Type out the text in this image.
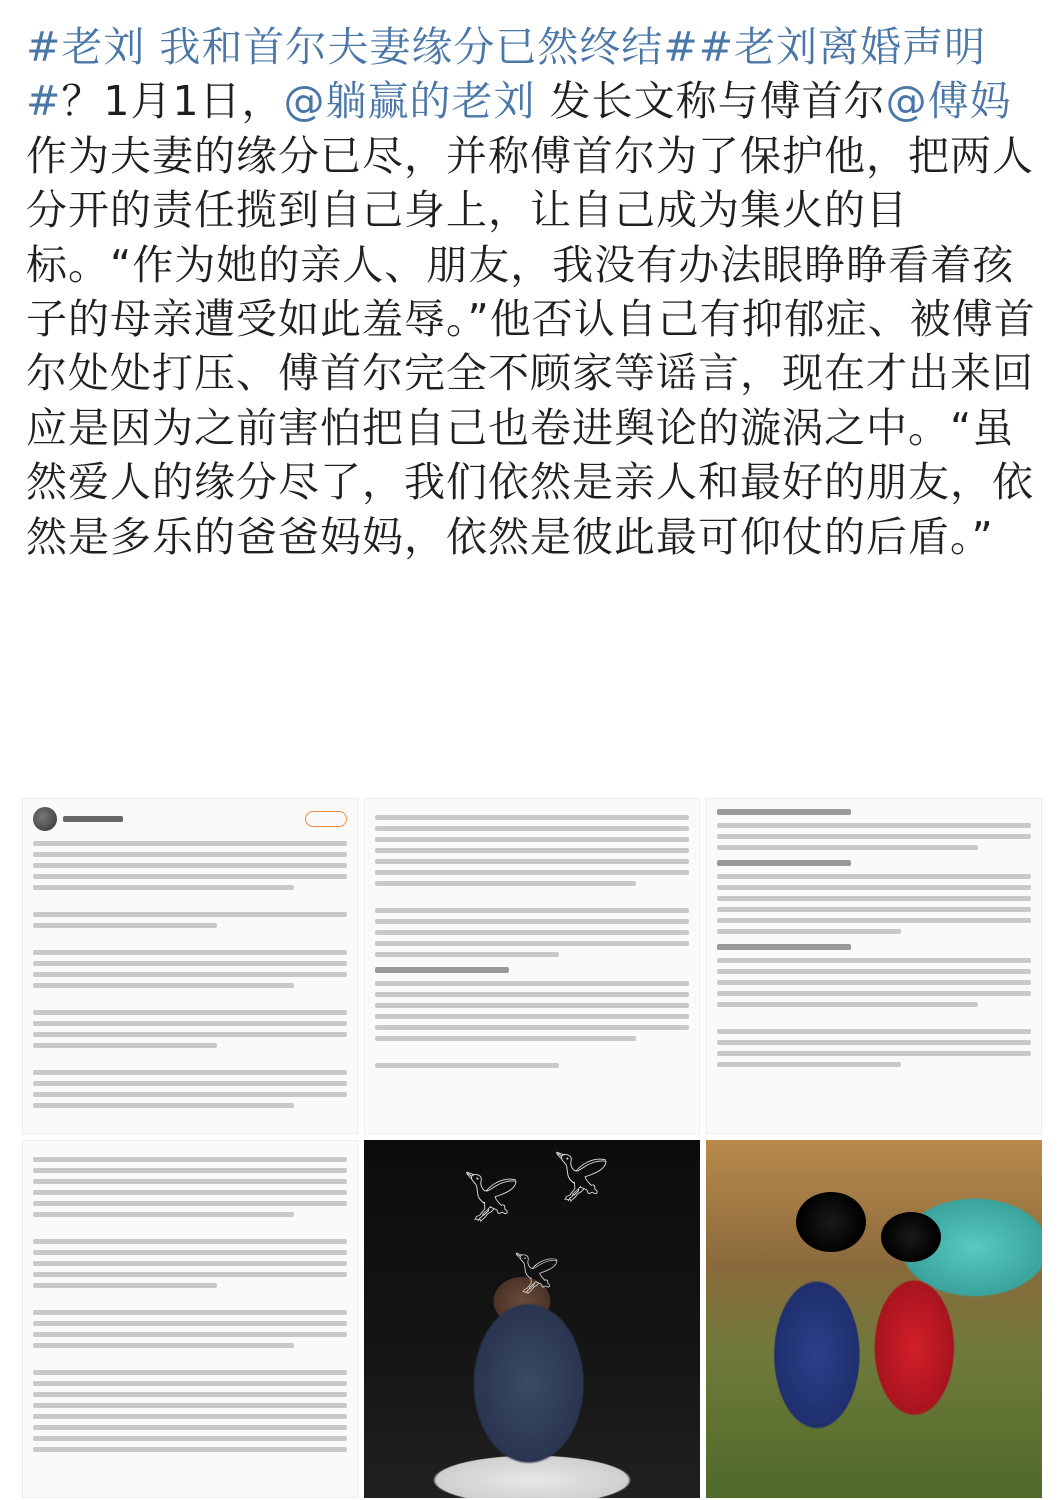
#老刘 我和首尔夫妻缘分已然终结##老刘离婚声明#？1月1日，@躺赢的老刘 发长文称与傅首尔@傅妈 作为夫妻的缘分已尽，并称傅首尔为了保护他，把两人分开的责任揽到自己身上，让自己成为集火的目标。“作为她的亲人、朋友，我没有办法眼睁睁看着孩子的母亲遭受如此羞辱。”他否认自己有抑郁症、被傅首尔处处打压、傅首尔完全不顾家等谣言，现在才出来回应是因为之前害怕把自己也卷进舆论的漩涡之中。“虽然爱人的缘分尽了，我们依然是亲人和最好的朋友，依然是多乐的爸爸妈妈，依然是彼此最可仰仗的后盾。”
𓅯 𓅯
𓅯
